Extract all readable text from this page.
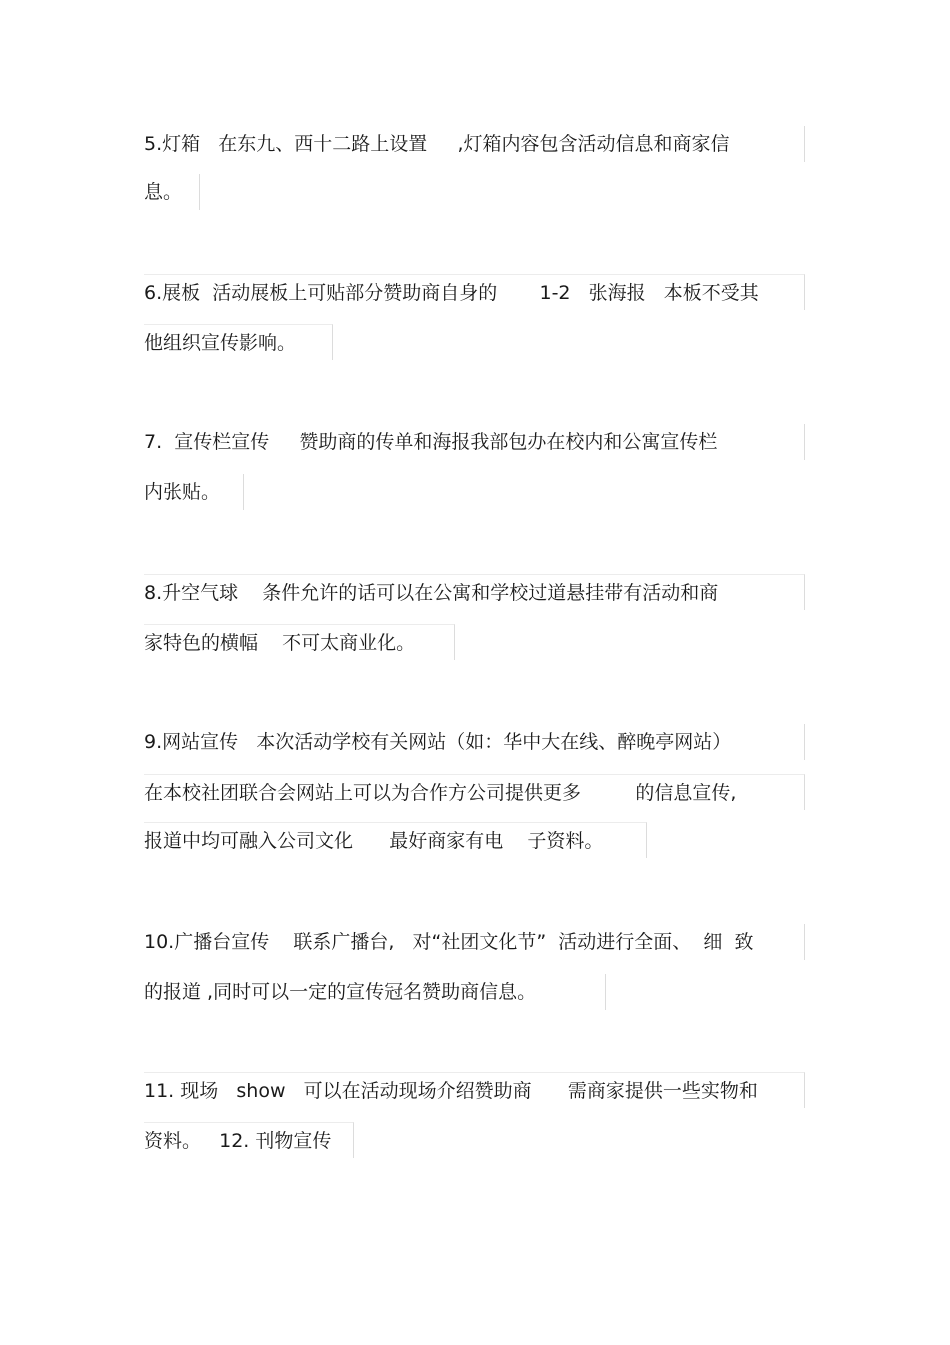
5.灯箱   在东九、西十二路上设置     ,灯箱内容包含活动信息和商家信
息。
6.展板  活动展板上可贴部分赞助商自身的       1-2   张海报   本板不受其
他组织宣传影响。
7.  宣传栏宣传     赞助商的传单和海报我部包办在校内和公寓宣传栏
内张贴。
8.升空气球    条件允许的话可以在公寓和学校过道悬挂带有活动和商
家特色的横幅    不可太商业化。
9.网站宣传   本次活动学校有关网站（如：华中大在线、醉晚亭网站）
在本校社团联合会网站上可以为合作方公司提供更多         的信息宣传,
报道中均可融入公司文化      最好商家有电    子资料。
10.广播台宣传    联系广播台,   对“社团文化节”  活动进行全面、  细  致
的报道 ,同时可以一定的宣传冠名赞助商信息。
11. 现场   show   可以在活动现场介绍赞助商      需商家提供一些实物和
资料。   12. 刊物宣传
